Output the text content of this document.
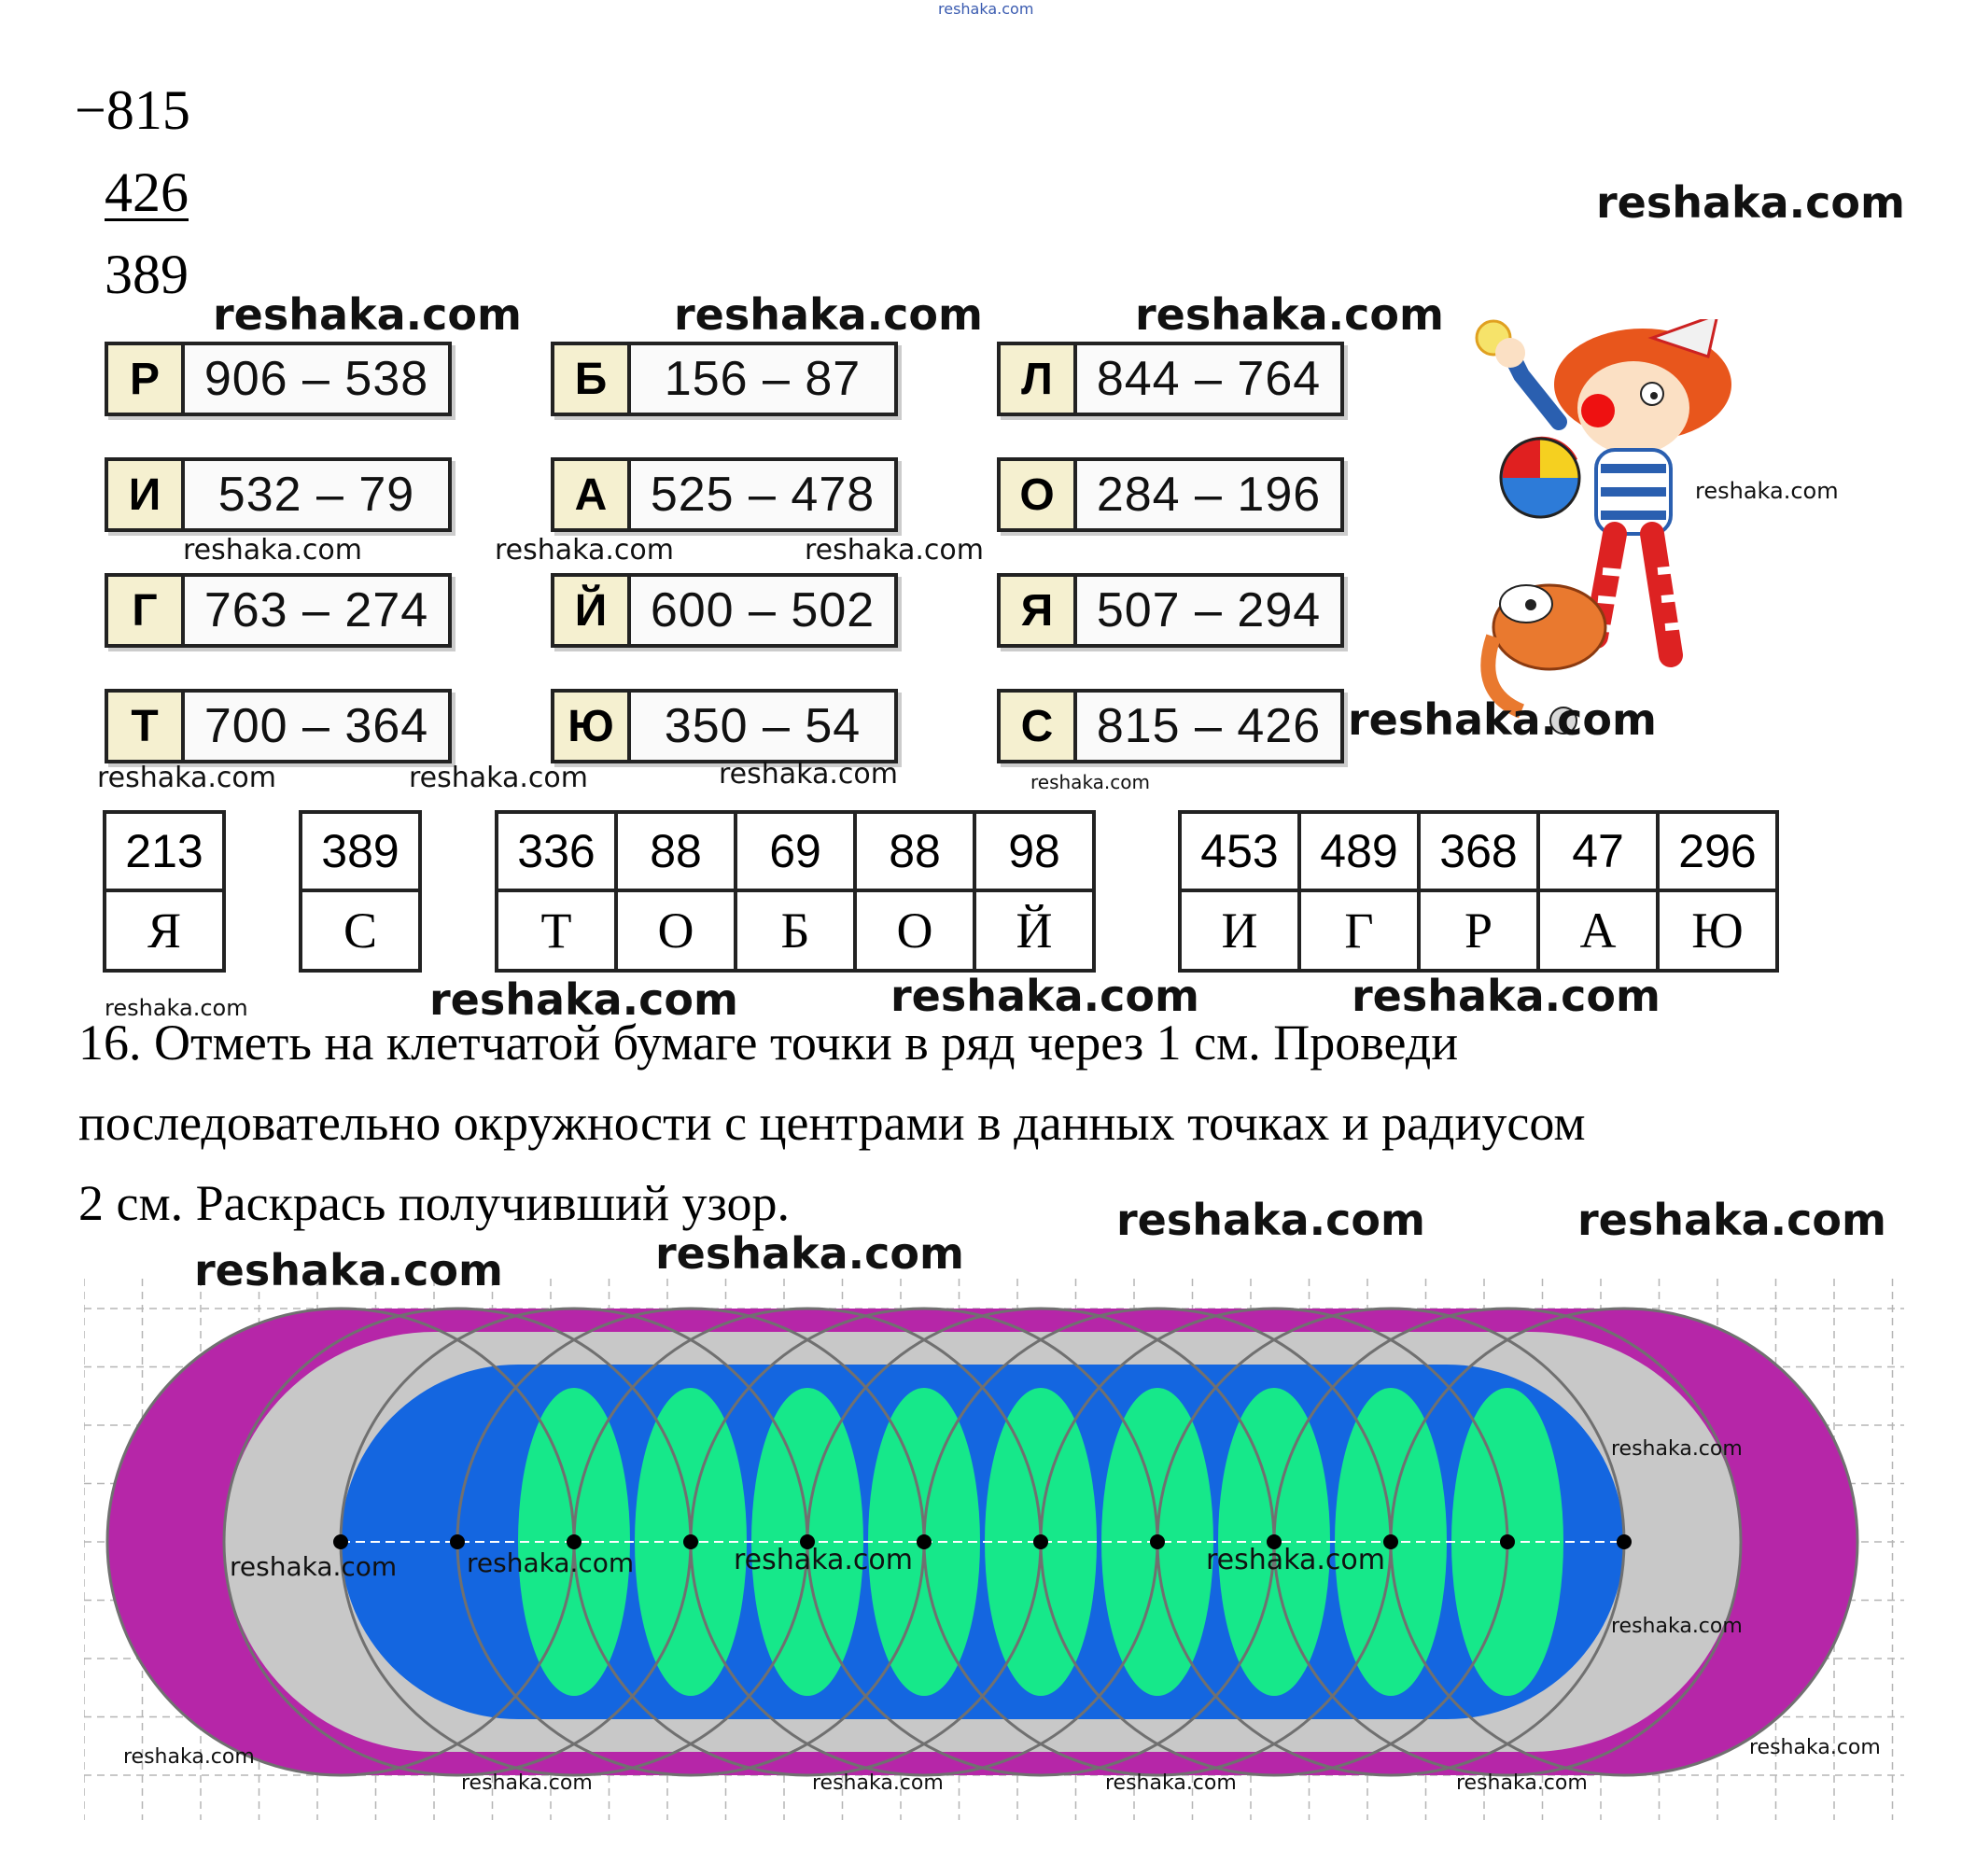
reshaka.com
−815
426
389
Р 906 – 538	Б	156 – 87	Л 844 – 764
И	532 – 79	А 525 – 478	О 284 – 196
Г 763 – 274	Й 600 – 502	Я 507 – 294
Т 700 – 364	Ю	350 – 54	С 815 – 426
213
Я
389
С
336	88	69	88	98
Т	О	Б	О	Й
453	489	368	47	296
И	Г	Р	А	Ю
16. Отметь на клетчатой бумаге точки в ряд через 1 см. Проведи
последовательно окружности с центрами в данных точках и радиусом
2 см. Раскрась получивший узор.
reshaka.com
reshaka.com	reshaka.com	reshaka.com
reshaka.com	reshaka.com	reshaka.com
reshaka.com
reshaka.com
reshaka.com	reshaka.com	reshaka.com	reshaka.com
reshaka.com	reshaka.com	reshaka.com	reshaka.com
reshaka.com	reshaka.com
reshaka.com	reshaka.com
reshaka.com	reshaka.com	reshaka.com	reshaka.com
reshaka.com
reshaka.com
reshaka.com
reshaka.com
reshaka.com	reshaka.com	reshaka.com	reshaka.com
